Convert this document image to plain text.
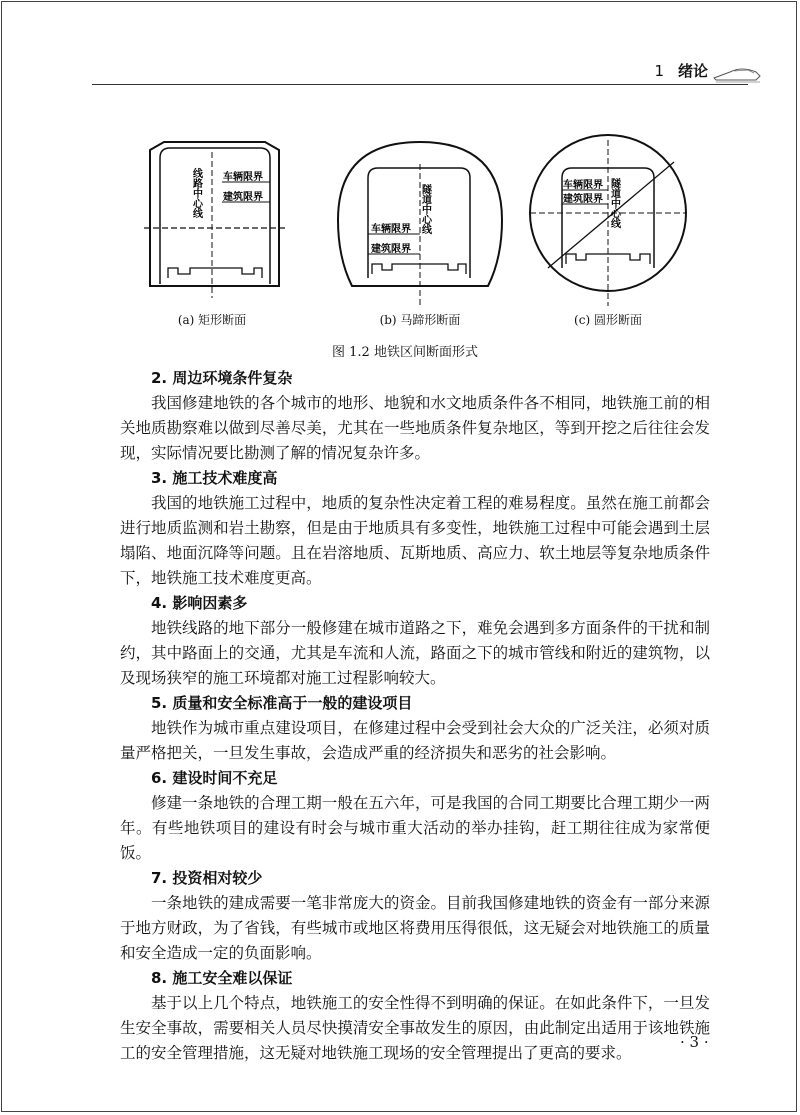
1 绪论
线路中心线 车辆限界
建筑限界	隧道中心线
车辆限界
建筑限界
车辆限界
建筑限界 隧道中心线
(a) 矩形断面	(b) 马蹄形断面	(c) 圆形断面
图 1.2 地铁区间断面形式

2. 周边环境条件复杂

我国修建地铁的各个城市的地形、地貌和水文地质条件各不相同，地铁施工前的相关地质勘察难以做到尽善尽美，尤其在一些地质条件复杂地区，等到开挖之后往往会发现，实际情况要比勘测了解的情况复杂许多。

3. 施工技术难度高

我国的地铁施工过程中，地质的复杂性决定着工程的难易程度。虽然在施工前都会进行地质监测和岩土勘察，但是由于地质具有多变性，地铁施工过程中可能会遇到土层塌陷、地面沉降等问题。且在岩溶地质、瓦斯地质、高应力、软土地层等复杂地质条件下，地铁施工技术难度更高。

4. 影响因素多

地铁线路的地下部分一般修建在城市道路之下，难免会遇到多方面条件的干扰和制约，其中路面上的交通，尤其是车流和人流，路面之下的城市管线和附近的建筑物，以及现场狭窄的施工环境都对施工过程影响较大。

5. 质量和安全标准高于一般的建设项目

地铁作为城市重点建设项目，在修建过程中会受到社会大众的广泛关注，必须对质量严格把关，一旦发生事故，会造成严重的经济损失和恶劣的社会影响。

6. 建设时间不充足

修建一条地铁的合理工期一般在五六年，可是我国的合同工期要比合理工期少一两年。有些地铁项目的建设有时会与城市重大活动的举办挂钩，赶工期往往成为家常便饭。

7. 投资相对较少

一条地铁的建成需要一笔非常庞大的资金。目前我国修建地铁的资金有一部分来源于地方财政，为了省钱，有些城市或地区将费用压得很低，这无疑会对地铁施工的质量和安全造成一定的负面影响。

8. 施工安全难以保证

基于以上几个特点，地铁施工的安全性得不到明确的保证。在如此条件下，一旦发生安全事故，需要相关人员尽快摸清安全事故发生的原因，由此制定出适用于该地铁施工的安全管理措施，这无疑对地铁施工现场的安全管理提出了更高的要求。

· 3 ·
